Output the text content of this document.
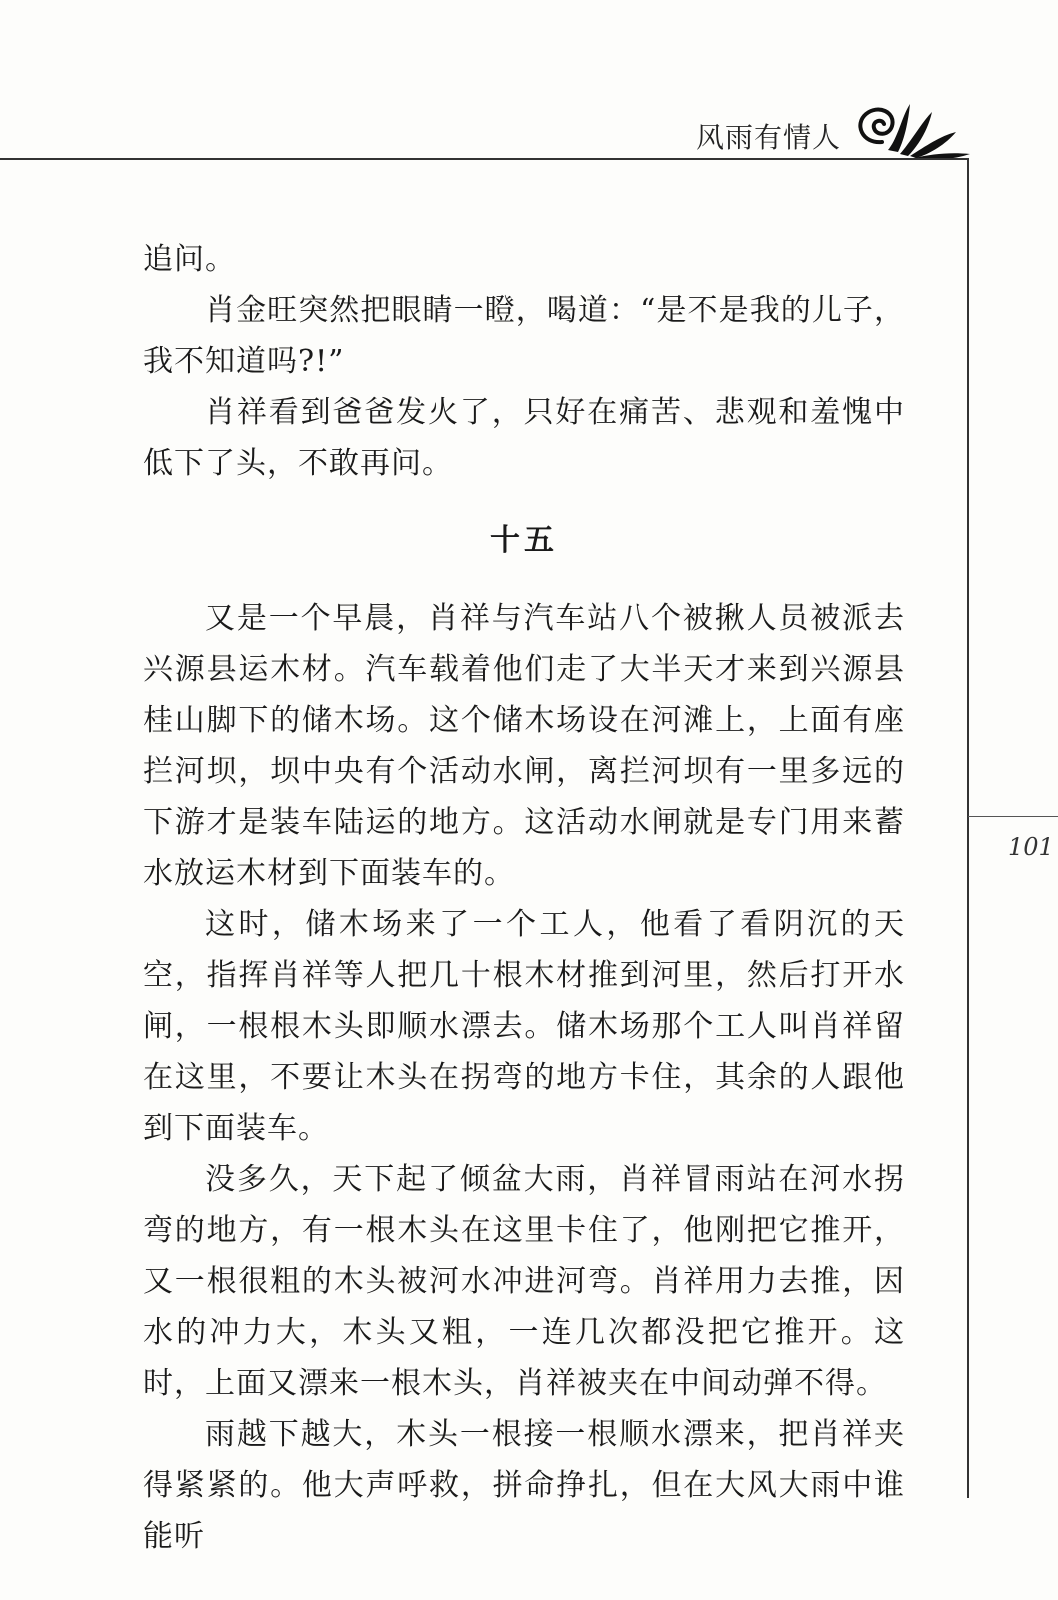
风雨有情人
101

追问。

肖金旺突然把眼睛一瞪，喝道：“是不是我的儿子，我不知道吗?!”

肖祥看到爸爸发火了，只好在痛苦、悲观和羞愧中低下了头，不敢再问。

十五

又是一个早晨，肖祥与汽车站八个被揪人员被派去兴源县运木材。汽车载着他们走了大半天才来到兴源县桂山脚下的储木场。这个储木场设在河滩上，上面有座拦河坝，坝中央有个活动水闸，离拦河坝有一里多远的下游才是装车陆运的地方。这活动水闸就是专门用来蓄水放运木材到下面装车的。

这时，储木场来了一个工人，他看了看阴沉的天空，指挥肖祥等人把几十根木材推到河里，然后打开水闸，一根根木头即顺水漂去。储木场那个工人叫肖祥留在这里，不要让木头在拐弯的地方卡住，其余的人跟他到下面装车。

没多久，天下起了倾盆大雨，肖祥冒雨站在河水拐弯的地方，有一根木头在这里卡住了，他刚把它推开，又一根很粗的木头被河水冲进河弯。肖祥用力去推，因水的冲力大，木头又粗，一连几次都没把它推开。这时，上面又漂来一根木头，肖祥被夹在中间动弹不得。

雨越下越大，木头一根接一根顺水漂来，把肖祥夹得紧紧的。他大声呼救，拼命挣扎，但在大风大雨中谁能听
